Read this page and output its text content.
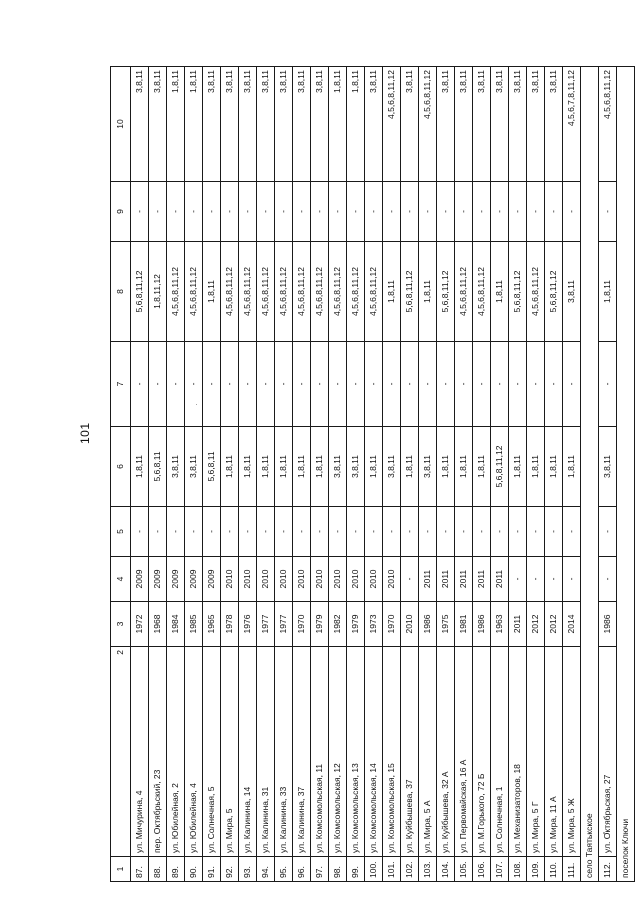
101
1	2	3	4	5	6	7	8	9	10
87.	ул. Мичурина, 4	1972	2009	-	1,8,11	-	5,6,8,11,12	-	3,8,11
88.	пер. Октябрьский, 23	1968	2009	-	5,6,8,11	-	1,8,11,12	-	3,8,11
89.	ул. Юбилейная, 2	1984	2009	-	3,8,11	-	4,5,6,8,11,12	-	1,8,11
90.	ул. Юбилейная, 4	1985	2009	-	3,8,11	-	4,5,6,8,11,12	-	1,8,11
91.	ул. Солнечная, 5	1965	2009	-	5,6,8,11	-	1,8,11	-	3,8,11
92.	ул. Мира, 5	1978	2010	-	1,8,11	-	4,5,6,8,11,12	-	3,8,11
93.	ул. Калинина, 14	1976	2010	-	1,8,11	-	4,5,6,8,11,12	-	3,8,11
94.	ул. Калинина, 31	1977	2010	-	1,8,11	-	4,5,6,8,11,12	-	3,8,11
95.	ул. Калинина, 33	1977	2010	-	1,8,11	-	4,5,6,8,11,12	-	3,8,11
96.	ул. Калинина, 37	1970	2010	-	1,8,11	-	4,5,6,8,11,12	-	3,8,11
97.	ул. Комсомольская, 11	1979	2010	-	1,8,11	-	4,5,6,8,11,12	-	3,8,11
98.	ул. Комсомольская, 12	1982	2010	-	3,8,11	-	4,5,6,8,11,12	-	1,8,11
99.	ул. Комсомольская, 13	1979	2010	-	3,8,11	-	4,5,6,8,11,12	-	1,8,11
100.	ул. Комсомольская, 14	1973	2010	-	1,8,11	-	4,5,6,8,11,12	-	3,8,11
101.	ул. Комсомольская, 15	1970	2010	-	3,8,11	-	1,8,11	-	4,5,6,8,11,12
102.	ул. Куйбышева, 37	2010	-	-	1,8,11	-	5,6,8,11,12	-	3,8,11
103.	ул. Мира, 5 А	1986	2011	-	3,8,11	-	1,8,11	-	4,5,6,8,11,12
104.	ул. Куйбышева, 32 А	1975	2011	-	1,8,11	-	5,6,8,11,12	-	3,8,11
105.	ул. Первомайская, 16 А	1981	2011	-	1,8,11	-	4,5,6,8,11,12	-	3,8,11
106.	ул. М.Горького, 72 Б	1986	2011	-	1,8,11	-	4,5,6,8,11,12	-	3,8,11
107.	ул. Солнечная, 1	1963	2011	-	5,6,8,11,12	-	1,8,11	-	3,8,11
108.	ул. Механизаторов, 18	2011	-	-	1,8,11	-	5,6,8,11,12	-	3,8,11
109.	ул. Мира, 5 Г	2012	-	-	1,8,11	-	4,5,6,8,11,12	-	3,8,11
110.	ул. Мира, 11 А	2012	-	-	1,8,11	-	5,6,8,11,12	-	3,8,11
111.	ул. Мира, 5 Ж	2014	-	-	1,8,11	-	3,8,11	-	4,5,6,7,8,11,12
село Таятькское									
112.	ул. Октябрьская, 27	1986	-	-	3,8,11	-	1,8,11	-	4,5,6,8,11,12
поселок Ключи									
